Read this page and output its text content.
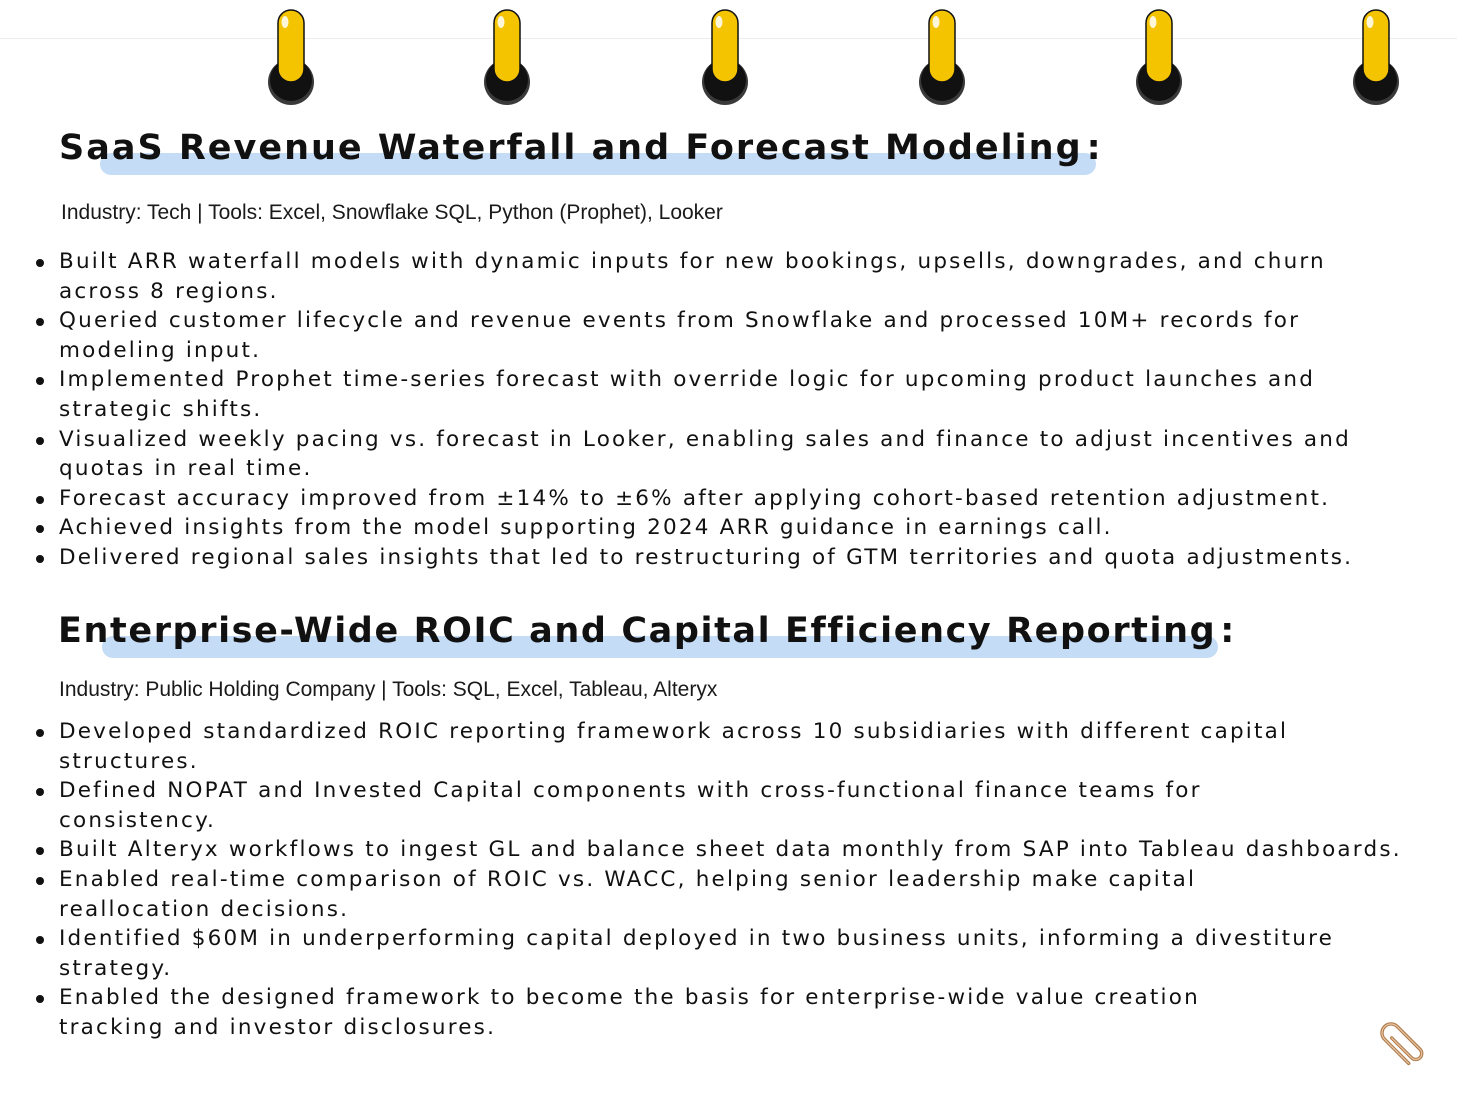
SaaS Revenue Waterfall and Forecast Modeling :

Industry: Tech | Tools: Excel, Snowflake SQL, Python (Prophet), Looker

Built ARR waterfall models with dynamic inputs for new bookings, upsells, downgrades, and churn
across 8 regions.
Queried customer lifecycle and revenue events from Snowflake and processed 10M+ records for
modeling input.
Implemented Prophet time-series forecast with override logic for upcoming product launches and
strategic shifts.
Visualized weekly pacing vs. forecast in Looker, enabling sales and finance to adjust incentives and
quotas in real time.
Forecast accuracy improved from ±14% to ±6% after applying cohort-based retention adjustment.
Achieved insights from the model supporting 2024 ARR guidance in earnings call.
Delivered regional sales insights that led to restructuring of GTM territories and quota adjustments.
Enterprise-Wide ROIC and Capital Efficiency Reporting :

Industry: Public Holding Company | Tools: SQL, Excel, Tableau, Alteryx

Developed standardized ROIC reporting framework across 10 subsidiaries with different capital
structures.
Defined NOPAT and Invested Capital components with cross-functional finance teams for
consistency.
Built Alteryx workflows to ingest GL and balance sheet data monthly from SAP into Tableau dashboards.
Enabled real-time comparison of ROIC vs. WACC, helping senior leadership make capital
reallocation decisions.
Identified $60M in underperforming capital deployed in two business units, informing a divestiture
strategy.
Enabled the designed framework to become the basis for enterprise-wide value creation
tracking and investor disclosures.
